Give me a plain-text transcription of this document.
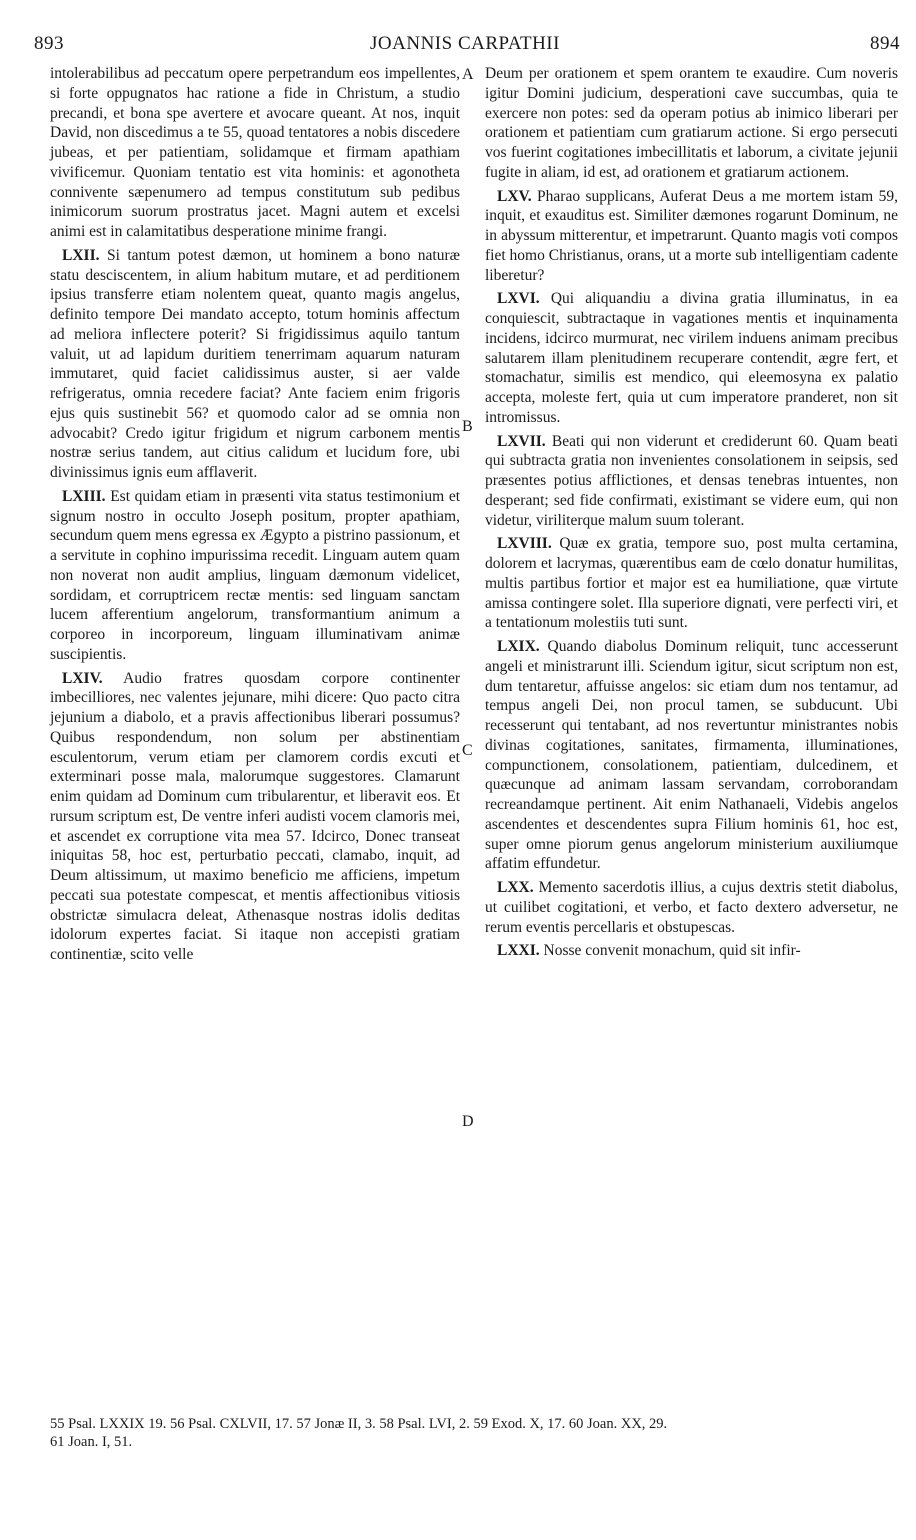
893	JOANNIS CARPATHII	894
A
B
C
D

intolerabilibus ad peccatum opere perpetrandum eos impellentes, si forte oppugnatos hac ratione a fide in Christum, a studio precandi, et bona spe avertere et avocare queant. At nos, inquit David, non discedimus a te 55, quoad tentatores a nobis discedere jubeas, et per patientiam, solidamque et firmam apathiam vivificemur. Quoniam tentatio est vita hominis: et agonotheta connivente sæpenumero ad tempus constitutum sub pedibus inimicorum suorum prostratus jacet. Magni autem et excelsi animi est in calamitatibus desperatione minime frangi.

LXII. Si tantum potest dæmon, ut hominem a bono naturæ statu desciscentem, in alium habitum mutare, et ad perditionem ipsius transferre etiam nolentem queat, quanto magis angelus, definito tempore Dei mandato accepto, totum hominis affectum ad meliora inflectere poterit? Si frigidissimus aquilo tantum valuit, ut ad lapidum duritiem tenerrimam aquarum naturam immutaret, quid faciet calidissimus auster, si aer valde refrigeratus, omnia recedere faciat? Ante faciem enim frigoris ejus quis sustinebit 56? et quomodo calor ad se omnia non advocabit? Credo igitur frigidum et nigrum carbonem mentis nostræ serius tandem, aut citius calidum et lucidum fore, ubi divinissimus ignis eum afflaverit.

LXIII. Est quidam etiam in præsenti vita status testimonium et signum nostro in occulto Joseph positum, propter apathiam, secundum quem mens egressa ex Ægypto a pistrino passionum, et a servitute in cophino impurissima recedit. Linguam autem quam non noverat non audit amplius, linguam dæmonum videlicet, sordidam, et corruptricem rectæ mentis: sed linguam sanctam lucem afferentium angelorum, transformantium animum a corporeo in incorporeum, linguam illuminativam animæ suscipientis.

LXIV. Audio fratres quosdam corpore continenter imbecilliores, nec valentes jejunare, mihi dicere: Quo pacto citra jejunium a diabolo, et a pravis affectionibus liberari possumus? Quibus respondendum, non solum per abstinentiam esculentorum, verum etiam per clamorem cordis excuti et exterminari posse mala, malorumque suggestores. Clamarunt enim quidam ad Dominum cum tribularentur, et liberavit eos. Et rursum scriptum est, De ventre inferi audisti vocem clamoris mei, et ascendet ex corruptione vita mea 57. Idcirco, Donec transeat iniquitas 58, hoc est, perturbatio peccati, clamabo, inquit, ad Deum altissimum, ut maximo beneficio me afficiens, impetum peccati sua potestate compescat, et mentis affectionibus vitiosis obstrictæ simulacra deleat, Athenasque nostras idolis deditas idolorum expertes faciat. Si itaque non accepisti gratiam continentiæ, scito velle

Deum per orationem et spem orantem te exaudire. Cum noveris igitur Domini judicium, desperationi cave succumbas, quia te exercere non potes: sed da operam potius ab inimico liberari per orationem et patientiam cum gratiarum actione. Si ergo persecuti vos fuerint cogitationes imbecillitatis et laborum, a civitate jejunii fugite in aliam, id est, ad orationem et gratiarum actionem.

LXV. Pharao supplicans, Auferat Deus a me mortem istam 59, inquit, et exauditus est. Similiter dæmones rogarunt Dominum, ne in abyssum mitterentur, et impetrarunt. Quanto magis voti compos fiet homo Christianus, orans, ut a morte sub intelligentiam cadente liberetur?

LXVI. Qui aliquandiu a divina gratia illuminatus, in ea conquiescit, subtractaque in vagationes mentis et inquinamenta incidens, idcirco murmurat, nec virilem induens animam precibus salutarem illam plenitudinem recuperare contendit, ægre fert, et stomachatur, similis est mendico, qui eleemosyna ex palatio accepta, moleste fert, quia ut cum imperatore pranderet, non sit intromissus.

LXVII. Beati qui non viderunt et crediderunt 60. Quam beati qui subtracta gratia non invenientes consolationem in seipsis, sed præsentes potius afflictiones, et densas tenebras intuentes, non desperant; sed fide confirmati, existimant se videre eum, qui non videtur, viriliterque malum suum tolerant.

LXVIII. Quæ ex gratia, tempore suo, post multa certamina, dolorem et lacrymas, quærentibus eam de cœlo donatur humilitas, multis partibus fortior et major est ea humiliatione, quæ virtute amissa contingere solet. Illa superiore dignati, vere perfecti viri, et a tentationum molestiis tuti sunt.

LXIX. Quando diabolus Dominum reliquit, tunc accesserunt angeli et ministrarunt illi. Sciendum igitur, sicut scriptum non est, dum tentaretur, affuisse angelos: sic etiam dum nos tentamur, ad tempus angeli Dei, non procul tamen, se subducunt. Ubi recesserunt qui tentabant, ad nos revertuntur ministrantes nobis divinas cogitationes, sanitates, firmamenta, illuminationes, compunctionem, consolationem, patientiam, dulcedinem, et quæcunque ad animam lassam servandam, corroborandam recreandamque pertinent. Ait enim Nathanaeli, Videbis angelos ascendentes et descendentes supra Filium hominis 61, hoc est, super omne piorum genus angelorum ministerium auxiliumque affatim effundetur.

LXX. Memento sacerdotis illius, a cujus dextris stetit diabolus, ut cuilibet cogitationi, et verbo, et facto dextero adversetur, ne rerum eventis percellaris et obstupescas.

LXXI. Nosse convenit monachum, quid sit infir-

55 Psal. LXXIX 19. 56 Psal. CXLVII, 17. 57 Jonæ II, 3. 58 Psal. LVI, 2. 59 Exod. X, 17. 60 Joan. XX, 29.
61 Joan. I, 51.
